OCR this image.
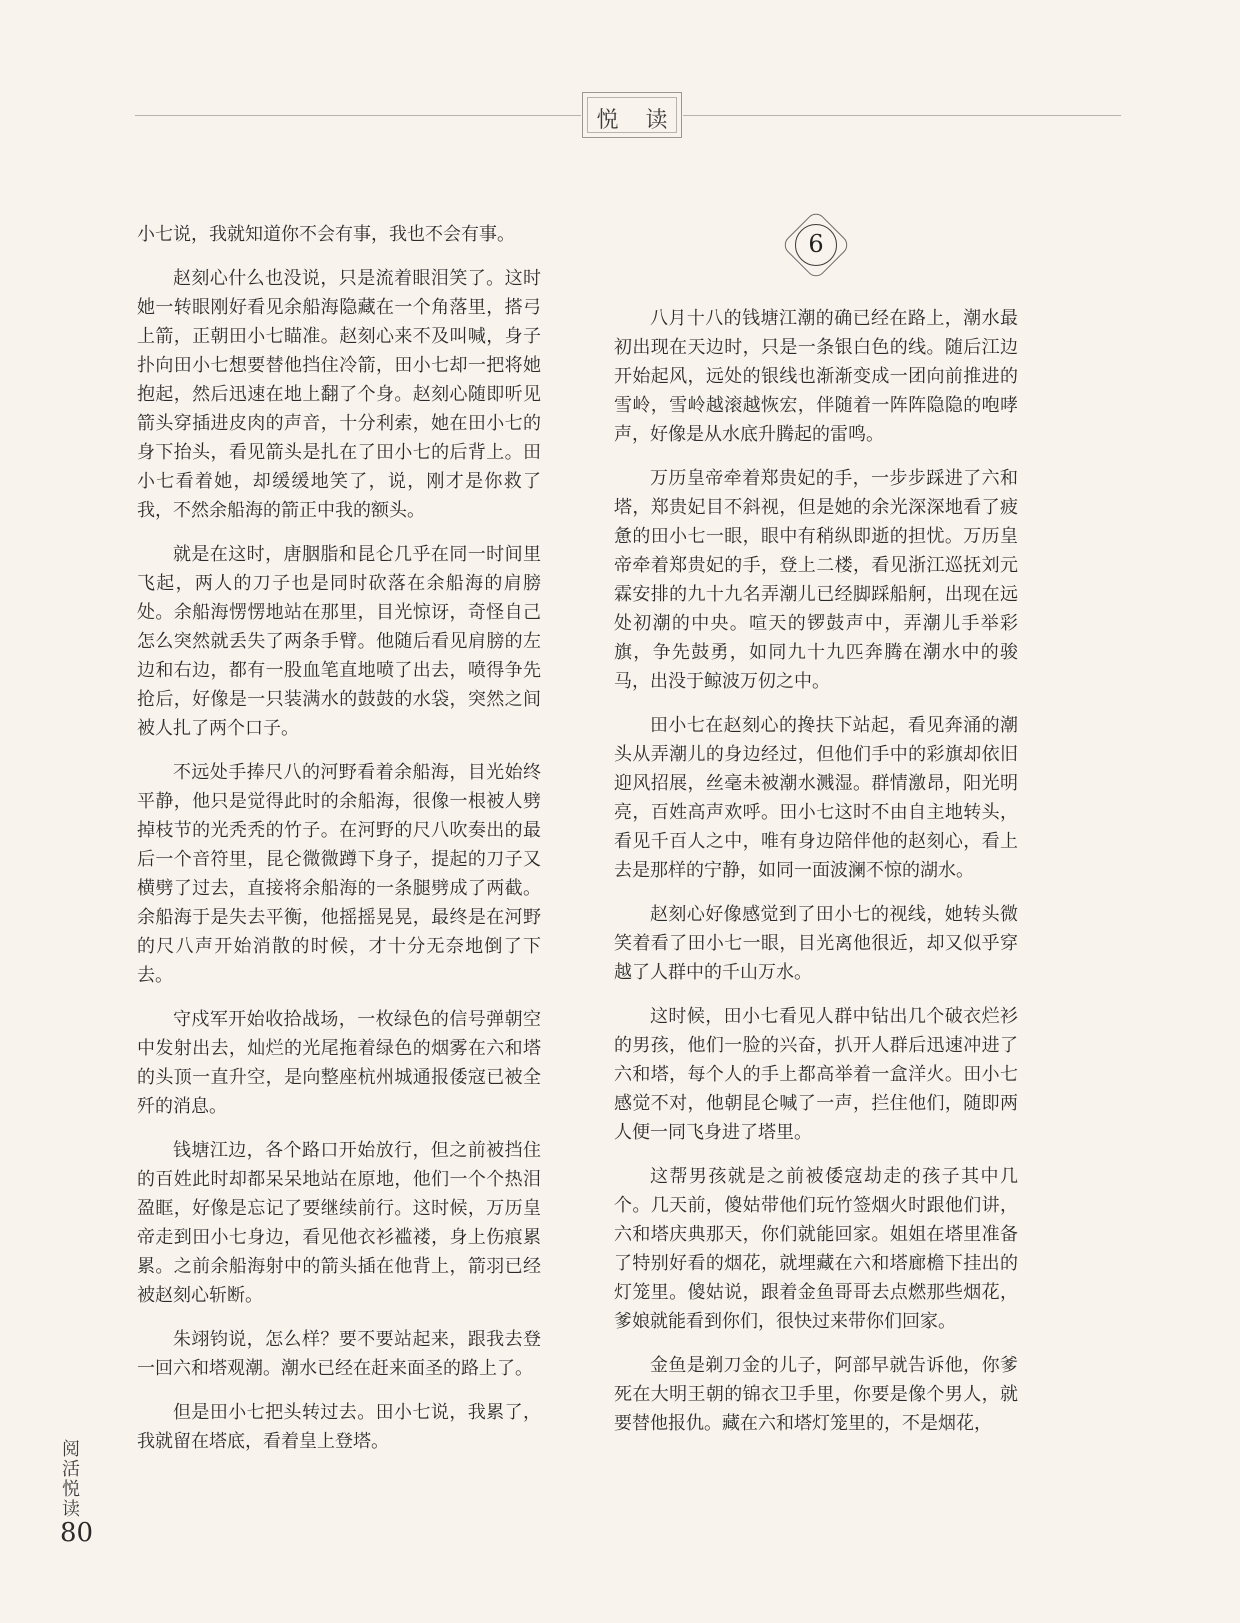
悦 读

小七说，我就知道你不会有事，我也不会有事。

赵刻心什么也没说，只是流着眼泪笑了。这时她一转眼刚好看见余船海隐藏在一个角落里，搭弓上箭，正朝田小七瞄准。赵刻心来不及叫喊，身子扑向田小七想要替他挡住冷箭，田小七却一把将她抱起，然后迅速在地上翻了个身。赵刻心随即听见箭头穿插进皮肉的声音，十分利索，她在田小七的身下抬头，看见箭头是扎在了田小七的后背上。田小七看着她，却缓缓地笑了，说，刚才是你救了我，不然余船海的箭正中我的额头。

就是在这时，唐胭脂和昆仑几乎在同一时间里飞起，两人的刀子也是同时砍落在余船海的肩膀处。余船海愣愣地站在那里，目光惊讶，奇怪自己怎么突然就丢失了两条手臂。他随后看见肩膀的左边和右边，都有一股血笔直地喷了出去，喷得争先抢后，好像是一只装满水的鼓鼓的水袋，突然之间被人扎了两个口子。

不远处手捧尺八的河野看着余船海，目光始终平静，他只是觉得此时的余船海，很像一根被人劈掉枝节的光秃秃的竹子。在河野的尺八吹奏出的最后一个音符里，昆仑微微蹲下身子，提起的刀子又横劈了过去，直接将余船海的一条腿劈成了两截。余船海于是失去平衡，他摇摇晃晃，最终是在河野的尺八声开始消散的时候，才十分无奈地倒了下去。

守戍军开始收拾战场，一枚绿色的信号弹朝空中发射出去，灿烂的光尾拖着绿色的烟雾在六和塔的头顶一直升空，是向整座杭州城通报倭寇已被全歼的消息。

钱塘江边，各个路口开始放行，但之前被挡住的百姓此时却都呆呆地站在原地，他们一个个热泪盈眶，好像是忘记了要继续前行。这时候，万历皇帝走到田小七身边，看见他衣衫褴褛，身上伤痕累累。之前余船海射中的箭头插在他背上，箭羽已经被赵刻心斩断。

朱翊钧说，怎么样？要不要站起来，跟我去登一回六和塔观潮。潮水已经在赶来面圣的路上了。

但是田小七把头转过去。田小七说，我累了，我就留在塔底，看着皇上登塔。

6

八月十八的钱塘江潮的确已经在路上，潮水最初出现在天边时，只是一条银白色的线。随后江边开始起风，远处的银线也渐渐变成一团向前推进的雪岭，雪岭越滚越恢宏，伴随着一阵阵隐隐的咆哮声，好像是从水底升腾起的雷鸣。

万历皇帝牵着郑贵妃的手，一步步踩进了六和塔，郑贵妃目不斜视，但是她的余光深深地看了疲惫的田小七一眼，眼中有稍纵即逝的担忧。万历皇帝牵着郑贵妃的手，登上二楼，看见浙江巡抚刘元霖安排的九十九名弄潮儿已经脚踩船舸，出现在远处初潮的中央。喧天的锣鼓声中，弄潮儿手举彩旗，争先鼓勇，如同九十九匹奔腾在潮水中的骏马，出没于鲸波万仞之中。

田小七在赵刻心的搀扶下站起，看见奔涌的潮头从弄潮儿的身边经过，但他们手中的彩旗却依旧迎风招展，丝毫未被潮水溅湿。群情激昂，阳光明亮，百姓高声欢呼。田小七这时不由自主地转头，看见千百人之中，唯有身边陪伴他的赵刻心，看上去是那样的宁静，如同一面波澜不惊的湖水。

赵刻心好像感觉到了田小七的视线，她转头微笑着看了田小七一眼，目光离他很近，却又似乎穿越了人群中的千山万水。

这时候，田小七看见人群中钻出几个破衣烂衫的男孩，他们一脸的兴奋，扒开人群后迅速冲进了六和塔，每个人的手上都高举着一盒洋火。田小七感觉不对，他朝昆仑喊了一声，拦住他们，随即两人便一同飞身进了塔里。

这帮男孩就是之前被倭寇劫走的孩子其中几个。几天前，傻姑带他们玩竹签烟火时跟他们讲，六和塔庆典那天，你们就能回家。姐姐在塔里准备了特别好看的烟花，就埋藏在六和塔廊檐下挂出的灯笼里。傻姑说，跟着金鱼哥哥去点燃那些烟花，爹娘就能看到你们，很快过来带你们回家。

金鱼是剃刀金的儿子，阿部早就告诉他，你爹死在大明王朝的锦衣卫手里，你要是像个男人，就要替他报仇。藏在六和塔灯笼里的，不是烟花，

阅活悦读
80
